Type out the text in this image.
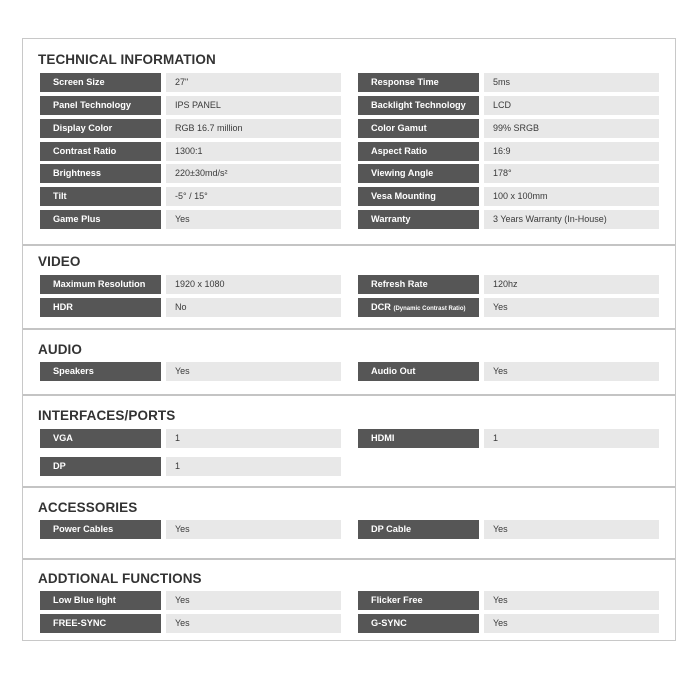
TECHNICAL INFORMATION
Screen Size	27"	Response Time	5ms
Panel Technology	IPS PANEL	Backlight Technology	LCD
Display Color	RGB 16.7 million	Color Gamut	99% SRGB
Contrast Ratio	1300:1	Aspect Ratio	16:9
Brightness	220±30md/s²	Viewing Angle	178°
Tilt	-5° / 15°	Vesa Mounting	100 x 100mm
Game Plus	Yes	Warranty	3 Years Warranty (In-House)
VIDEO
Maximum Resolution	1920 x 1080	Refresh Rate	120hz
HDR	No	DCR (Dynamic Contrast Ratio)	Yes
AUDIO
Speakers	Yes	Audio Out	Yes
INTERFACES/PORTS
VGA	1	HDMI	1
DP	1
ACCESSORIES
Power Cables	Yes	DP Cable	Yes
ADDTIONAL FUNCTIONS
Low Blue light	Yes	Flicker Free	Yes
FREE-SYNC	Yes	G-SYNC	Yes
